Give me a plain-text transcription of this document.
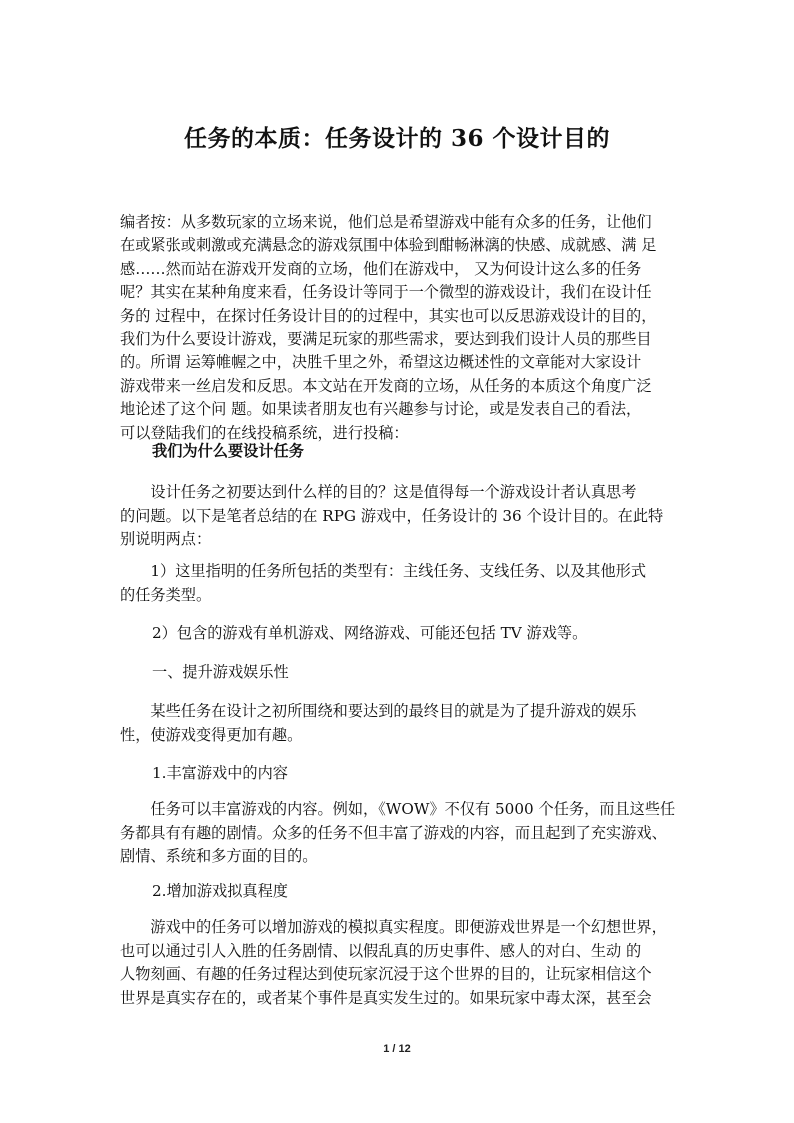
任务的本质：任务设计的 36 个设计目的

编者按：从多数玩家的立场来说，他们总是希望游戏中能有众多的任务，让他们
在或紧张或刺激或充满悬念的游戏氛围中体验到酣畅淋漓的快感、成就感、满 足
感……然而站在游戏开发商的立场，他们在游戏中， 又为何设计这么多的任务
呢？其实在某种角度来看，任务设计等同于一个微型的游戏设计，我们在设计任
务的 过程中，在探讨任务设计目的的过程中，其实也可以反思游戏设计的目的，
我们为什么要设计游戏，要满足玩家的那些需求，要达到我们设计人员的那些目
的。所谓 运筹帷幄之中，决胜千里之外，希望这边概述性的文章能对大家设计
游戏带来一丝启发和反思。本文站在开发商的立场，从任务的本质这个角度广泛
地论述了这个问 题。如果读者朋友也有兴趣参与讨论，或是发表自己的看法，
可以登陆我们的在线投稿系统，进行投稿：

我们为什么要设计任务

　　设计任务之初要达到什么样的目的？这是值得每一个游戏设计者认真思考
的问题。以下是笔者总结的在 RPG 游戏中，任务设计的 36 个设计目的。在此特
别说明两点：

　　1）这里指明的任务所包括的类型有：主线任务、支线任务、以及其他形式
的任务类型。

2）包含的游戏有单机游戏、网络游戏、可能还包括 TV 游戏等。

一、提升游戏娱乐性

　　某些任务在设计之初所围绕和要达到的最终目的就是为了提升游戏的娱乐
性，使游戏变得更加有趣。

1.丰富游戏中的内容

　　任务可以丰富游戏的内容。例如，《WOW》不仅有 5000 个任务，而且这些任
务都具有有趣的剧情。众多的任务不但丰富了游戏的内容，而且起到了充实游戏、
剧情、系统和多方面的目的。

2.增加游戏拟真程度

　　游戏中的任务可以增加游戏的模拟真实程度。即便游戏世界是一个幻想世界，
也可以通过引人入胜的任务剧情、以假乱真的历史事件、感人的对白、生动 的
人物刻画、有趣的任务过程达到使玩家沉浸于这个世界的目的，让玩家相信这个
世界是真实存在的，或者某个事件是真实发生过的。如果玩家中毒太深，甚至会

1 / 12
